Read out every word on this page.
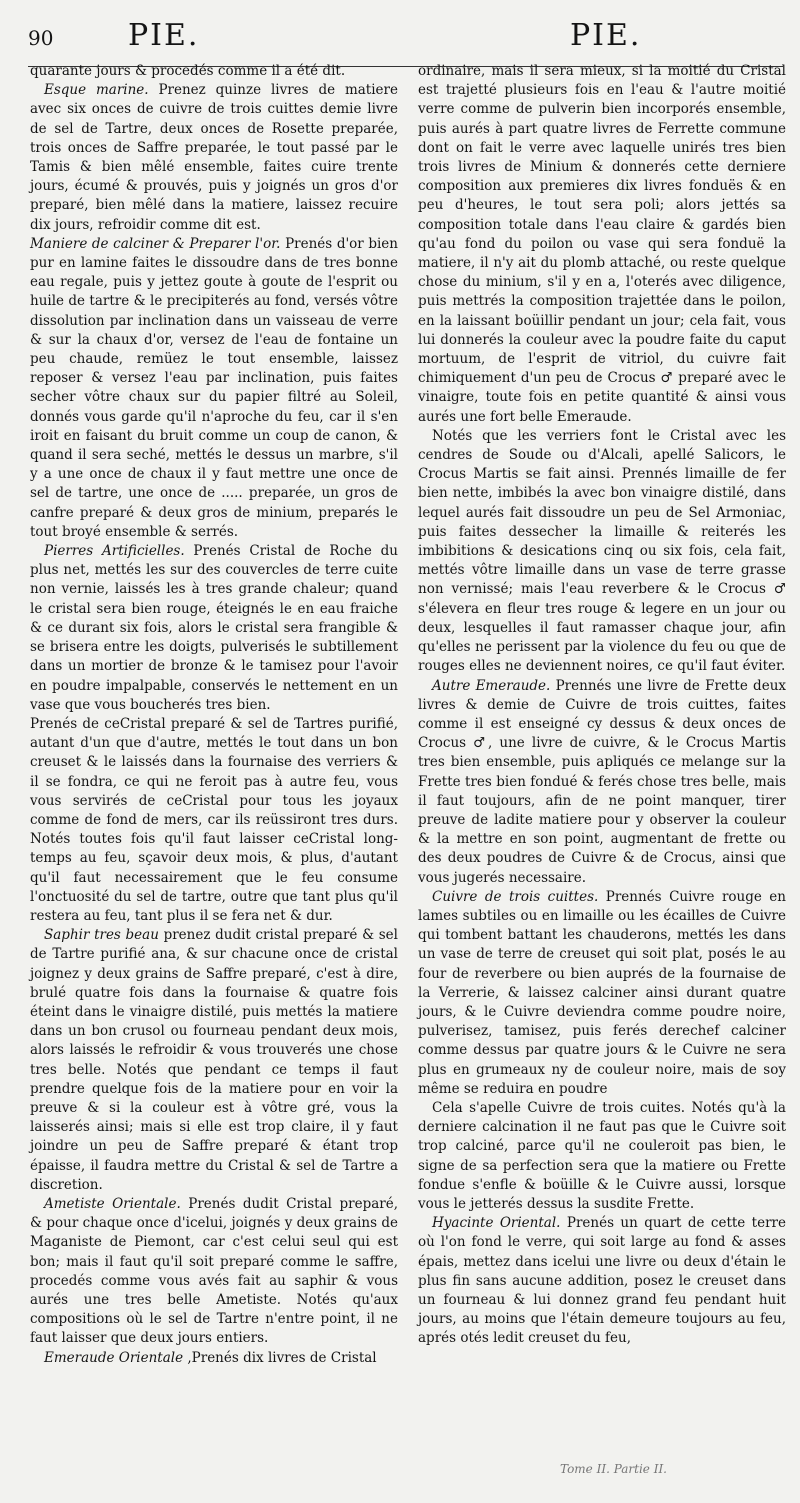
90 PIE.	PIE.

quarante jours & procedés comme il a été dit.

Esque marine. Prenez quinze livres de matiere avec six onces de cuivre de trois cuittes demie livre de sel de Tartre, deux onces de Rosette preparée, trois onces de Saffre preparée, le tout passé par le Tamis & bien mêlé ensemble, faites cuire trente jours, écumé & prouvés, puis y joignés un gros d'or preparé, bien mêlé dans la matiere, laissez recuire dix jours, refroidir comme dit est.

Maniere de calciner & Preparer l'or. Prenés d'or bien pur en lamine faites le dissoudre dans de tres bonne eau regale, puis y jettez goute à goute de l'esprit ou huile de tartre & le precipiterés au fond, versés vôtre dissolution par inclination dans un vaisseau de verre & sur la chaux d'or, versez de l'eau de fontaine un peu chaude, remüez le tout ensemble, laissez reposer & versez l'eau par inclination, puis faites secher vôtre chaux sur du papier filtré au Soleil, donnés vous garde qu'il n'aproche du feu, car il s'en iroit en faisant du bruit comme un coup de canon, & quand il sera seché, mettés le dessus un marbre, s'il y a une once de chaux il y faut mettre une once de sel de tartre, une once de ..... preparée, un gros de canfre preparé & deux gros de minium, preparés le tout broyé ensemble & serrés.

Pierres Artificielles. Prenés Cristal de Roche du plus net, mettés les sur des couvercles de terre cuite non vernie, laissés les à tres grande chaleur; quand le cristal sera bien rouge, éteignés le en eau fraiche & ce durant six fois, alors le cristal sera frangible & se brisera entre les doigts, pulverisés le subtillement dans un mortier de bronze & le tamisez pour l'avoir en poudre impalpable, conservés le nettement en un vase que vous boucherés tres bien.

Prenés de ceCristal preparé & sel de Tartres purifié, autant d'un que d'autre, mettés le tout dans un bon creuset & le laissés dans la fournaise des verriers & il se fondra, ce qui ne feroit pas à autre feu, vous vous servirés de ceCristal pour tous les joyaux comme de fond de mers, car ils reüssiront tres durs. Notés toutes fois qu'il faut laisser ceCristal long-temps au feu, sçavoir deux mois, & plus, d'autant qu'il faut necessairement que le feu consume l'onctuosité du sel de tartre, outre que tant plus qu'il restera au feu, tant plus il se fera net & dur.

Saphir tres beau prenez dudit cristal preparé & sel de Tartre purifié ana, & sur chacune once de cristal joignez y deux grains de Saffre preparé, c'est à dire, brulé quatre fois dans la fournaise & quatre fois éteint dans le vinaigre distilé, puis mettés la matiere dans un bon crusol ou fourneau pendant deux mois, alors laissés le refroidir & vous trouverés une chose tres belle. Notés que pendant ce temps il faut prendre quelque fois de la matiere pour en voir la preuve & si la couleur est à vôtre gré, vous la laisserés ainsi; mais si elle est trop claire, il y faut joindre un peu de Saffre preparé & étant trop épaisse, il faudra mettre du Cristal & sel de Tartre a discretion.

Ametiste Orientale. Prenés dudit Cristal preparé, & pour chaque once d'icelui, joignés y deux grains de Maganiste de Piemont, car c'est celui seul qui est bon; mais il faut qu'il soit preparé comme le saffre, procedés comme vous avés fait au saphir & vous aurés une tres belle Ametiste. Notés qu'aux compositions où le sel de Tartre n'entre point, il ne faut laisser que deux jours entiers.

Emeraude Orientale ,Prenés dix livres de Cristal

ordinaire, mais il sera mieux, si la moitié du Cristal est trajetté plusieurs fois en l'eau & l'autre moitié verre comme de pulverin bien incorporés ensemble, puis aurés à part quatre livres de Ferrette commune dont on fait le verre avec laquelle unirés tres bien trois livres de Minium & donnerés cette derniere composition aux premieres dix livres fonduës & en peu d'heures, le tout sera poli; alors jettés sa composition totale dans l'eau claire & gardés bien qu'au fond du poilon ou vase qui sera fonduë la matiere, il n'y ait du plomb attaché, ou reste quelque chose du minium, s'il y en a, l'oterés avec diligence, puis mettrés la composition trajettée dans le poilon, en la laissant boüillir pendant un jour; cela fait, vous lui donnerés la couleur avec la poudre faite du caput mortuum, de l'esprit de vitriol, du cuivre fait chimiquement d'un peu de Crocus ♂ preparé avec le vinaigre, toute fois en petite quantité & ainsi vous aurés une fort belle Emeraude.

Notés que les verriers font le Cristal avec les cendres de Soude ou d'Alcali, apellé Salicors, le Crocus Martis se fait ainsi. Prennés limaille de fer bien nette, imbibés la avec bon vinaigre distilé, dans lequel aurés fait dissoudre un peu de Sel Armoniac, puis faites dessecher la limaille & reiterés les imbibitions & desications cinq ou six fois, cela fait, mettés vôtre limaille dans un vase de terre grasse non vernissé; mais l'eau reverbere & le Crocus ♂ s'élevera en fleur tres rouge & legere en un jour ou deux, lesquelles il faut ramasser chaque jour, afin qu'elles ne perissent par la violence du feu ou que de rouges elles ne deviennent noires, ce qu'il faut éviter.

Autre Emeraude. Prennés une livre de Frette deux livres & demie de Cuivre de trois cuittes, faites comme il est enseigné cy dessus & deux onces de Crocus ♂, une livre de cuivre, & le Crocus Martis tres bien ensemble, puis apliqués ce melange sur la Frette tres bien fondué & ferés chose tres belle, mais il faut toujours, afin de ne point manquer, tirer preuve de ladite matiere pour y observer la couleur & la mettre en son point, augmentant de frette ou des deux poudres de Cuivre & de Crocus, ainsi que vous jugerés necessaire.

Cuivre de trois cuittes. Prennés Cuivre rouge en lames subtiles ou en limaille ou les écailles de Cuivre qui tombent battant les chauderons, mettés les dans un vase de terre de creuset qui soit plat, posés le au four de reverbere ou bien auprés de la fournaise de la Verrerie, & laissez calciner ainsi durant quatre jours, & le Cuivre deviendra comme poudre noire, pulverisez, tamisez, puis ferés derechef calciner comme dessus par quatre jours & le Cuivre ne sera plus en grumeaux ny de couleur noire, mais de soy même se reduira en poudre

Cela s'apelle Cuivre de trois cuites. Notés qu'à la derniere calcination il ne faut pas que le Cuivre soit trop calciné, parce qu'il ne couleroit pas bien, le signe de sa perfection sera que la matiere ou Frette fondue s'enfle & boüille & le Cuivre aussi, lorsque vous le jetterés dessus la susdite Frette.

Hyacinte Oriental. Prenés un quart de cette terre où l'on fond le verre, qui soit large au fond & asses épais, mettez dans icelui une livre ou deux d'étain le plus fin sans aucune addition, posez le creuset dans un fourneau & lui donnez grand feu pendant huit jours, au moins que l'étain demeure toujours au feu, aprés otés ledit creuset du feu,

Tome II. Partie II.
